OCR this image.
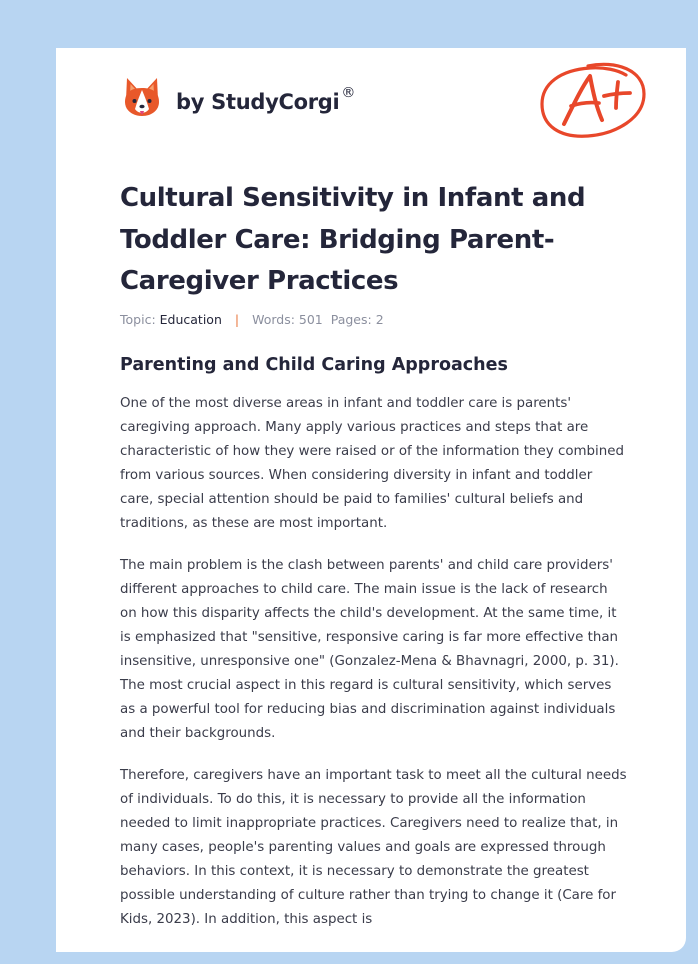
by StudyCorgi ®
Cultural Sensitivity in Infant and Toddler Care: Bridging Parent-Caregiver Practices
Topic: Education | Words: 501 Pages: 2
Parenting and Child Caring Approaches

One of the most diverse areas in infant and toddler care is parents' caregiving approach. Many apply various practices and steps that are characteristic of how they were raised or of the information they combined from various sources. When considering diversity in infant and toddler care, special attention should be paid to families' cultural beliefs and traditions, as these are most important.

The main problem is the clash between parents' and child care providers' different approaches to child care. The main issue is the lack of research on how this disparity affects the child's development. At the same time, it is emphasized that "sensitive, responsive caring is far more effective than insensitive, unresponsive one" (Gonzalez-Mena & Bhavnagri, 2000, p. 31). The most crucial aspect in this regard is cultural sensitivity, which serves as a powerful tool for reducing bias and discrimination against individuals and their backgrounds.

Therefore, caregivers have an important task to meet all the cultural needs of individuals. To do this, it is necessary to provide all the information needed to limit inappropriate practices. Caregivers need to realize that, in many cases, people's parenting values and goals are expressed through behaviors. In this context, it is necessary to demonstrate the greatest possible understanding of culture rather than trying to change it (Care for Kids, 2023). In addition, this aspect is
